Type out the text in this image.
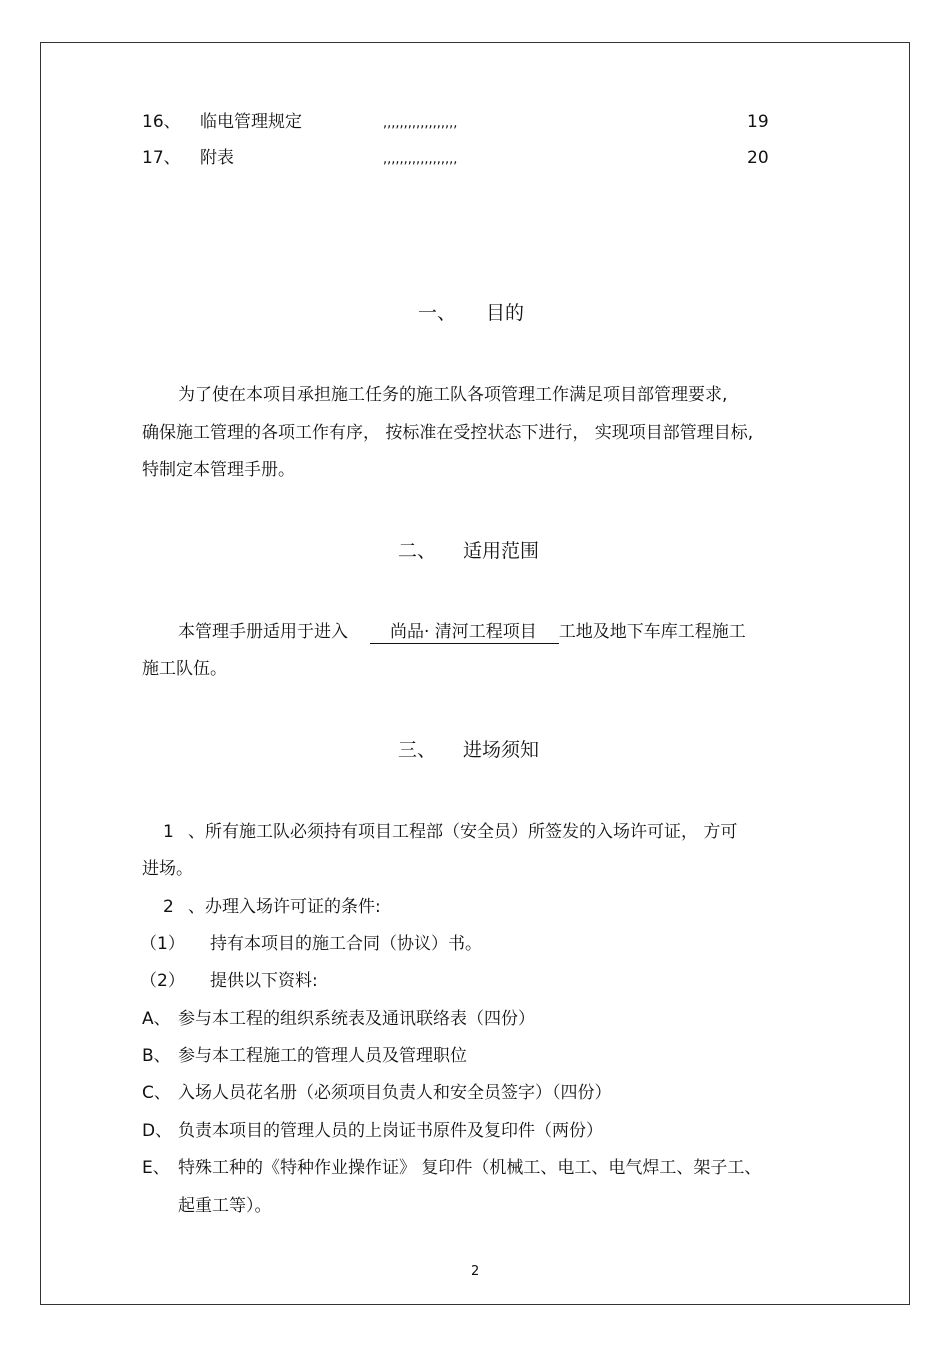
16、 临电管理规定	,,,,,,,,,,,,,,,,,,	19
17、 附表	,,,,,,,,,,,,,,,,,,	20
一、 目的
为了使在本项目承担施工任务的施工队各项管理工作满足项目部管理要求,
确保施工管理的各项工作有序， 按标准在受控状态下进行， 实现项目部管理目标,
特制定本管理手册。
二、 适用范围
本管理手册适用于进入 尚品· 清河工程项目 工地及地下车库工程施工
施工队伍。
三、 进场须知
1 、所有施工队必须持有项目工程部（安全员）所签发的入场许可证， 方可
进场。
2 、办理入场许可证的条件:
（1） 持有本项目的施工合同（协议）书。
（2） 提供以下资料:
A、 参与本工程的组织系统表及通讯联络表（四份）
B、 参与本工程施工的管理人员及管理职位
C、 入场人员花名册（必须项目负责人和安全员签字）（四份）
D、 负责本项目的管理人员的上岗证书原件及复印件（两份）
E、 特殊工种的《特种作业操作证》 复印件（机械工、电工、电气焊工、架子工、
起重工等）。
2
